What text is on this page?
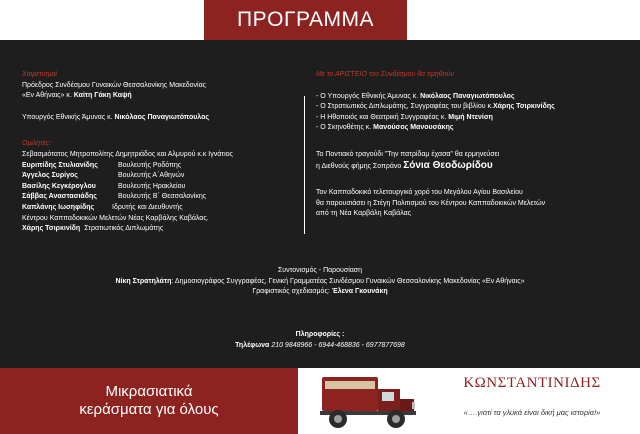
ΠΡΟΓΡΑΜΜΑ
Χαιρετισμοί
Πρόεδρος Συνδέσμου Γυναικών Θεσσαλονίκης Μακεδονίας
«Εν Αθήναις» κ. Καίτη Γάκη Καψή
Υπουργός Εθνικής Άμυνας κ. Νικόλαος Παναγιωτόπουλος
Ομιλητές:
Σεβασμιότατος Μητροπολίτης Δημητριάδος και Αλμυρού κ.κ Ιγνάτιος
Ευριπίδης Στυλιανίδης	Βουλευτής Ροδόπης
Άγγελος Συρίγος	Βουλευτής Α΄Αθηνών
Βασίλης Κεγκέρογλου	Βουλευτής Ηρακλείου
Σάββας Αναστασιάδης	Βουλευτής Β΄ Θεσσαλονίκης
Καπλάνης Ιωσηφίδης	Ιδρυτής και Διευθυντής
Κέντρου Καππαδοκικών Μελετών Νέας Καρβάλης Καβάλας.
Χάρης Τσιρκινίδη Στρατιωτικός Διπλωμάτης
Με το ΑΡΙΣΤΕΙΟ του Συνδέσμου θα τιμηθούν
- Ο Υπουργός Εθνικής Άμυνας κ. Νικόλαος Παναγιωτόπουλος
- Ο Στρατιωτικός Διπλωμάτης, Συγγραφέας του βιβλίου κ.Χάρης Τσιρκινίδης
- Η Ηθοποιός και Θεατρική Συγγραφέας κ. Μιμή Ντενίση
- Ο Σκηνοθέτης κ. Μανούσος Μανουσάκης
Το Ποντιακό τραγούδι "Την πατρίδαμ έχασα" θα ερμηνεύσει
η Διεθνούς φήμης Σοπράνο Σόνια Θεοδωρίδου
Τον Καππαδοκικό τελετουργικό χορό του Μεγάλου Αγίου Βασιλείου
θα παρουσιάσει η Στέγη Πολιτισμού του Κέντρου Καππαδοκικών Μελετών
από τη Νέα Καρβάλη Καβάλας
Συντονισμός - Παρουσίαση
Νίκη Στρατηλάτη: Δημοσιογράφος Συγγραφέας, Γενική Γραμματέας Συνδέσμου Γυναικών Θεσσαλονίκης Μακεδονίας «Εν Αθήναις»
Γραφιστικός σχεδιασμός: Έλενα Γκουνάκη
Πληροφορίες :
Τηλέφωνα 210 9848966 - 6944-468836 - 6977877698
Μικρασιατικά
κεράσματα για όλους
ΚΩΝΣΤΑΝΤΙΝΙΔΗΣ
«….γιατί τα γλυκά είναι δική μας ιστορία!»
